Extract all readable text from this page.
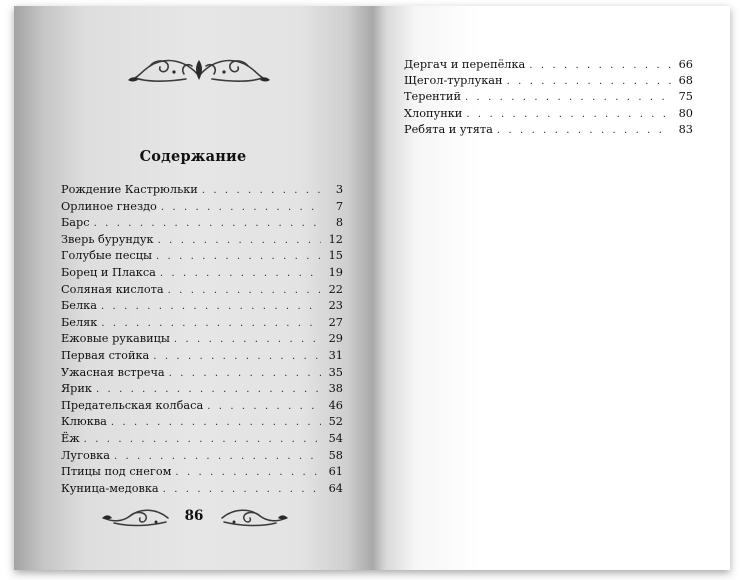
Содержание
Рождение Кастрюльки . . .	3
Орлиное гнездо . . .	7
Барс . . .	8
Зверь бурундук . . .	12
Голубые песцы . . .	15
Борец и Плакса . . .	19
Соляная кислота . . .	22
Белка . . .	23
Беляк . . .	27
Ежовые рукавицы . . .	29
Первая стойка . . .	31
Ужасная встреча . . .	35
Ярик . . .	38
Предательская колбаса . . .	46
Клюква . . .	52
Ёж . . .	54
Луговка . . .	58
Птицы под снегом . . .	61
Куница-медовка . . .	64
86
Дергач и перепёлка . . .	66
Щегол-турлукан . . .	68
Терентий . . .	75
Хлопунки . . .	80
Ребята и утята . . .	83
